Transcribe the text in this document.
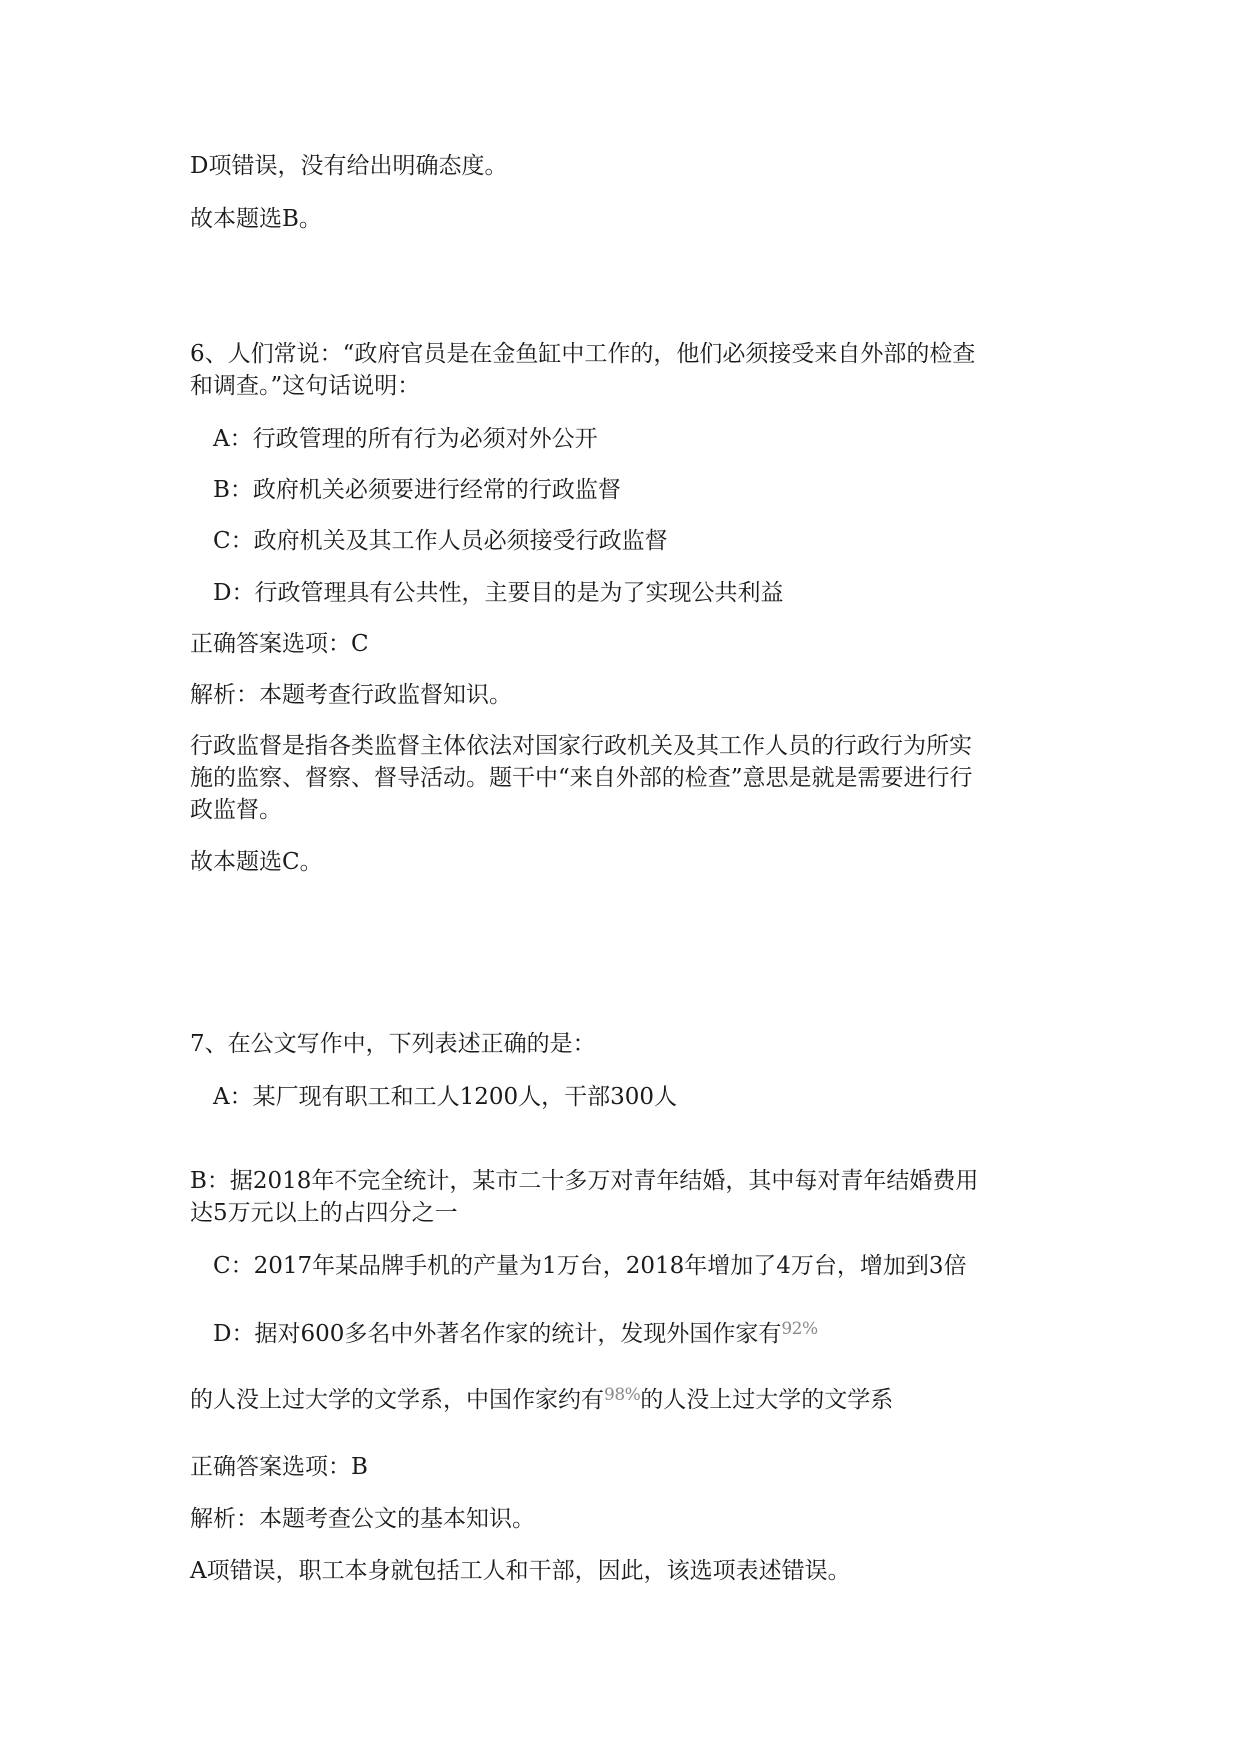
D项错误，没有给出明确态度。
故本题选B。
6、人们常说：“政府官员是在金鱼缸中工作的，他们必须接受来自外部的检查
和调查。”这句话说明：
A：行政管理的所有行为必须对外公开
B：政府机关必须要进行经常的行政监督
C：政府机关及其工作人员必须接受行政监督
D：行政管理具有公共性，主要目的是为了实现公共利益
正确答案选项：C
解析：本题考查行政监督知识。
行政监督是指各类监督主体依法对国家行政机关及其工作人员的行政行为所实
施的监察、督察、督导活动。题干中“来自外部的检查”意思是就是需要进行行
政监督。
故本题选C。
7、在公文写作中，下列表述正确的是：
A：某厂现有职工和工人1200人，干部300人
B：据2018年不完全统计，某市二十多万对青年结婚，其中每对青年结婚费用
达5万元以上的占四分之一
C：2017年某品牌手机的产量为1万台，2018年增加了4万台，增加到3倍
D：据对600多名中外著名作家的统计，发现外国作家有$^{92\%}$
的人没上过大学的文学系，中国作家约有$^{98\%}$的人没上过大学的文学系
正确答案选项：B
解析：本题考查公文的基本知识。
A项错误，职工本身就包括工人和干部，因此，该选项表述错误。
